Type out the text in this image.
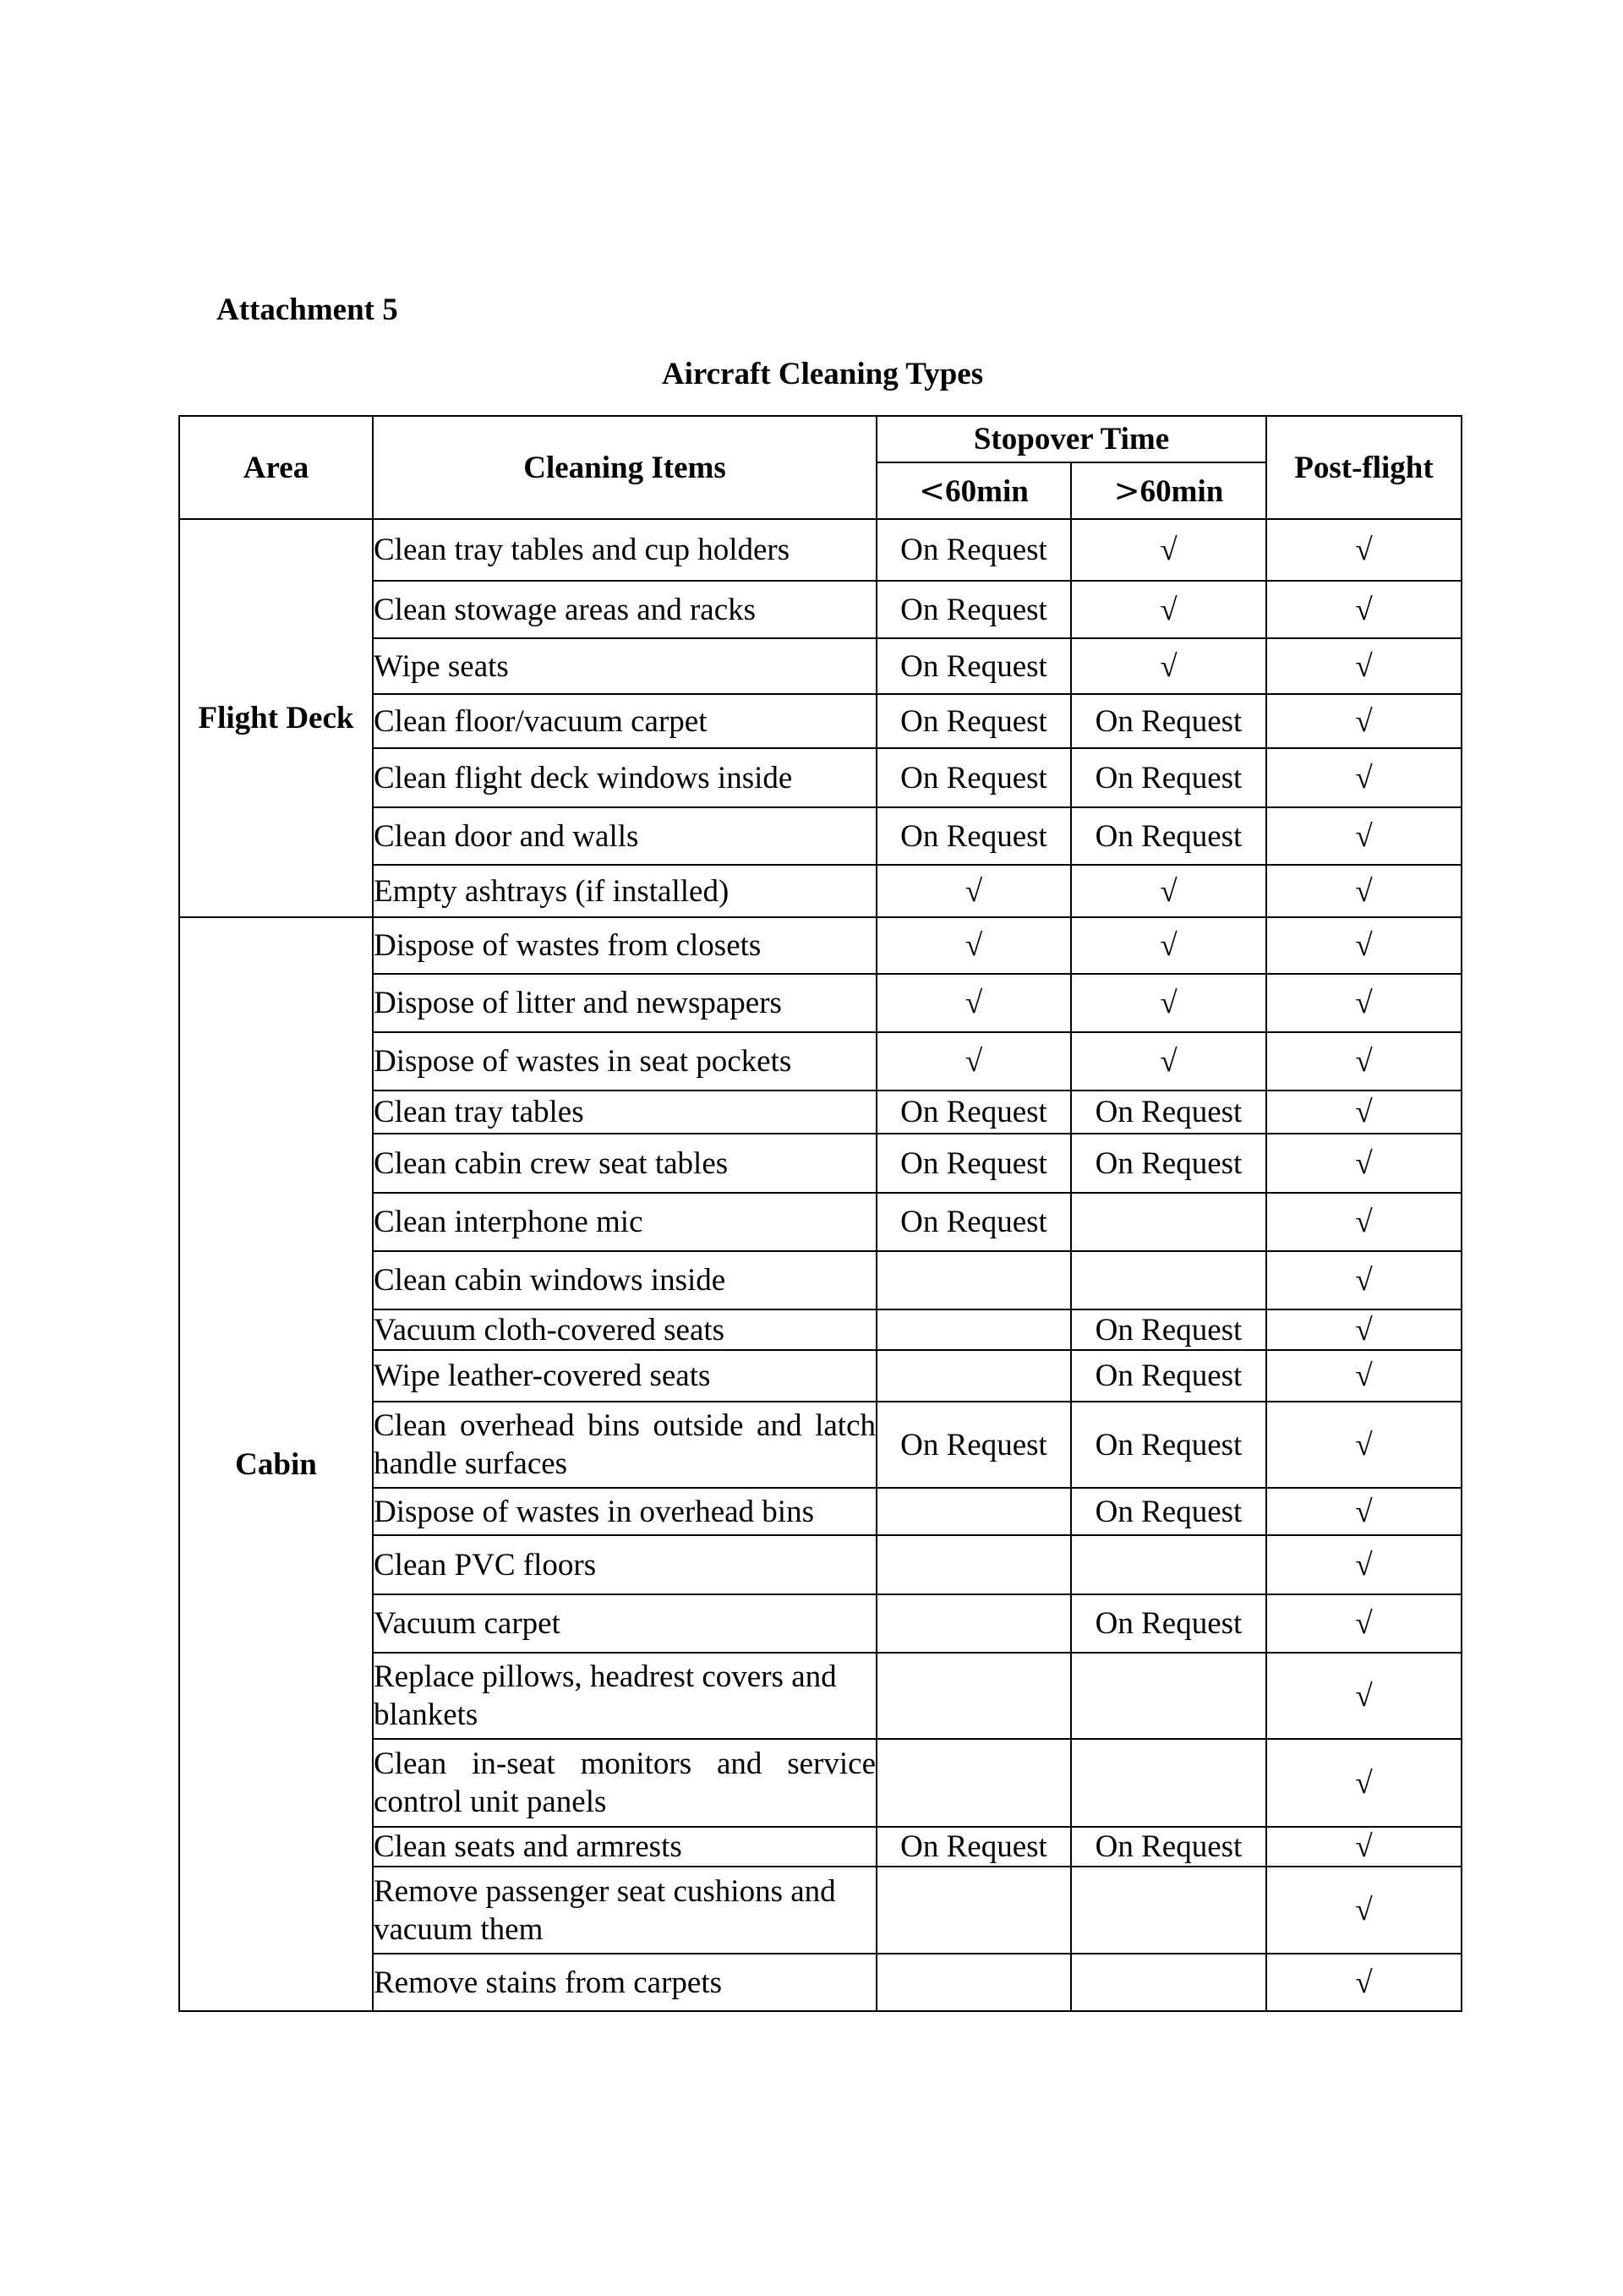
Attachment 5
Aircraft Cleaning Types
Area	Cleaning Items	Stopover Time		Post-flight
		<60min	>60min	
Flight Deck	Clean tray tables and cup holders	On Request	√	√
	Clean stowage areas and racks	On Request	√	√
	Wipe seats	On Request	√	√
	Clean floor/vacuum carpet	On Request	On Request	√
	Clean flight deck windows inside	On Request	On Request	√
	Clean door and walls	On Request	On Request	√
	Empty ashtrays (if installed)	√	√	√
Cabin	Dispose of wastes from closets	√	√	√
	Dispose of litter and newspapers	√	√	√
	Dispose of wastes in seat pockets	√	√	√
	Clean tray tables	On Request	On Request	√
	Clean cabin crew seat tables	On Request	On Request	√
	Clean interphone mic	On Request		√
	Clean cabin windows inside			√
	Vacuum cloth-covered seats		On Request	√
	Wipe leather-covered seats		On Request	√
	Clean overhead bins outside and latch handle surfaces	On Request	On Request	√
	Dispose of wastes in overhead bins		On Request	√
	Clean PVC floors			√
	Vacuum carpet		On Request	√
	Replace pillows, headrest covers and blankets			√
	Clean in-seat monitors and service control unit panels			√
	Clean seats and armrests	On Request	On Request	√
	Remove passenger seat cushions and vacuum them			√
	Remove stains from carpets			√
